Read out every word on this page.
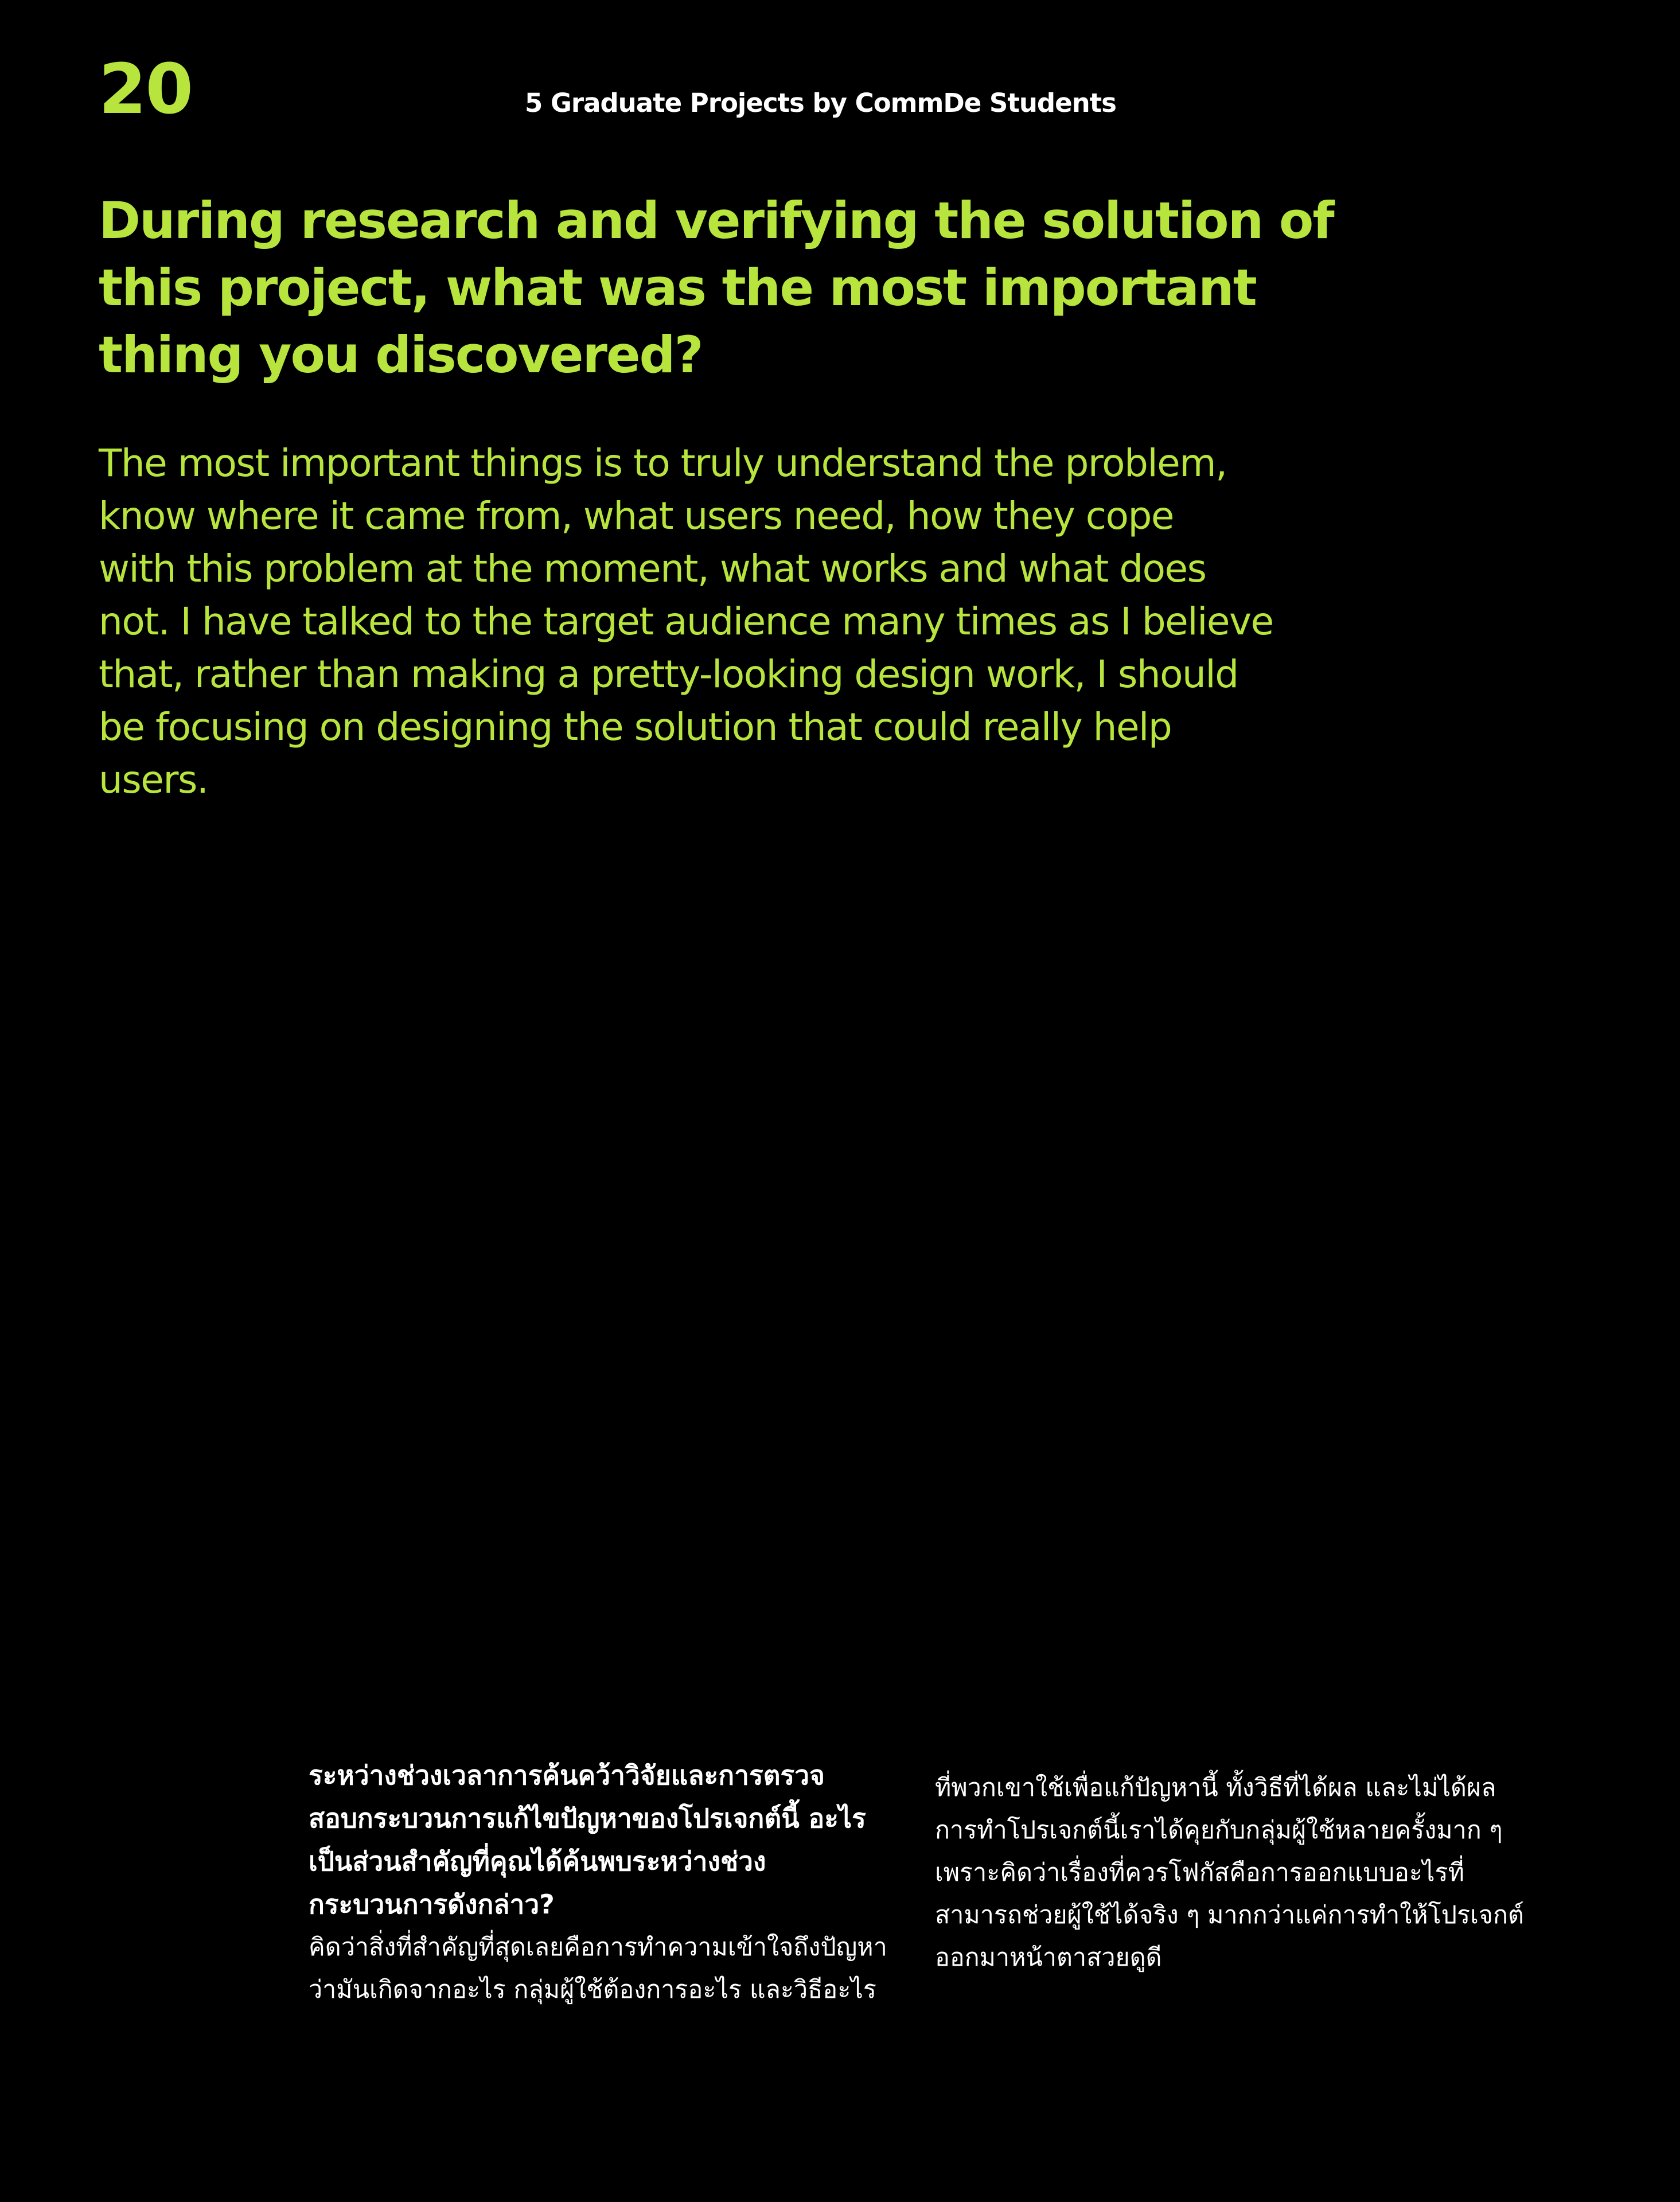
20	5 Graduate Projects by CommDe Students
During research and verifying the solution of
this project, what was the most important
thing you discovered?

The most important things is to truly understand the problem,
know where it came from, what users need, how they cope
with this problem at the moment, what works and what does
not. I have talked to the target audience many times as I believe
that, rather than making a pretty-looking design work, I should
be focusing on designing the solution that could really help
users.

ระหว่างช่วงเวลาการค้นคว้าวิจัยและการตรวจ
สอบกระบวนการแก้ไขปัญหาของโปรเจกต์นี้ อะไร
เป็นส่วนสำคัญที่คุณได้ค้นพบระหว่างช่วง
กระบวนการดังกล่าว?

คิดว่าสิ่งที่สำคัญที่สุดเลยคือการทำความเข้าใจถึงปัญหา
ว่ามันเกิดจากอะไร กลุ่มผู้ใช้ต้องการอะไร และวิธีอะไร

ที่พวกเขาใช้เพื่อแก้ปัญหานี้ ทั้งวิธีที่ได้ผล และไม่ได้ผล
การทำโปรเจกต์นี้เราได้คุยกับกลุ่มผู้ใช้หลายครั้งมาก ๆ
เพราะคิดว่าเรื่องที่ควรโฟกัสคือการออกแบบอะไรที่
สามารถช่วยผู้ใช้ได้จริง ๆ มากกว่าแค่การทำให้โปรเจกต์
ออกมาหน้าตาสวยดูดี
